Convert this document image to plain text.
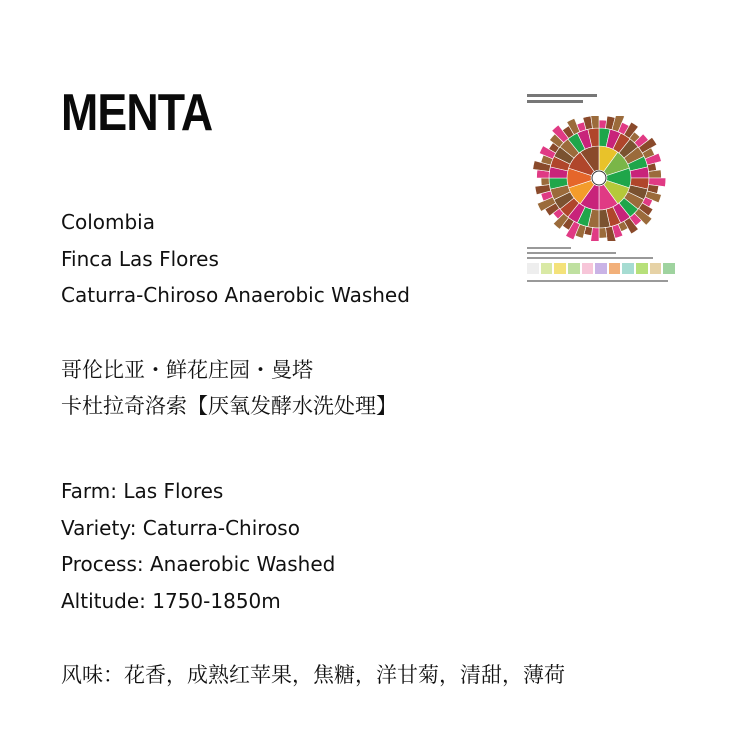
MENTA
Colombia
Finca Las Flores
Caturra-Chiroso Anaerobic Washed
哥伦比亚・鲜花庄园・曼塔
卡杜拉奇洛索【厌氧发酵水洗处理】
Farm: Las Flores
Variety: Caturra-Chiroso
Process: Anaerobic Washed
Altitude: 1750-1850m
风味：花香，成熟红苹果，焦糖，洋甘菊，清甜，薄荷
